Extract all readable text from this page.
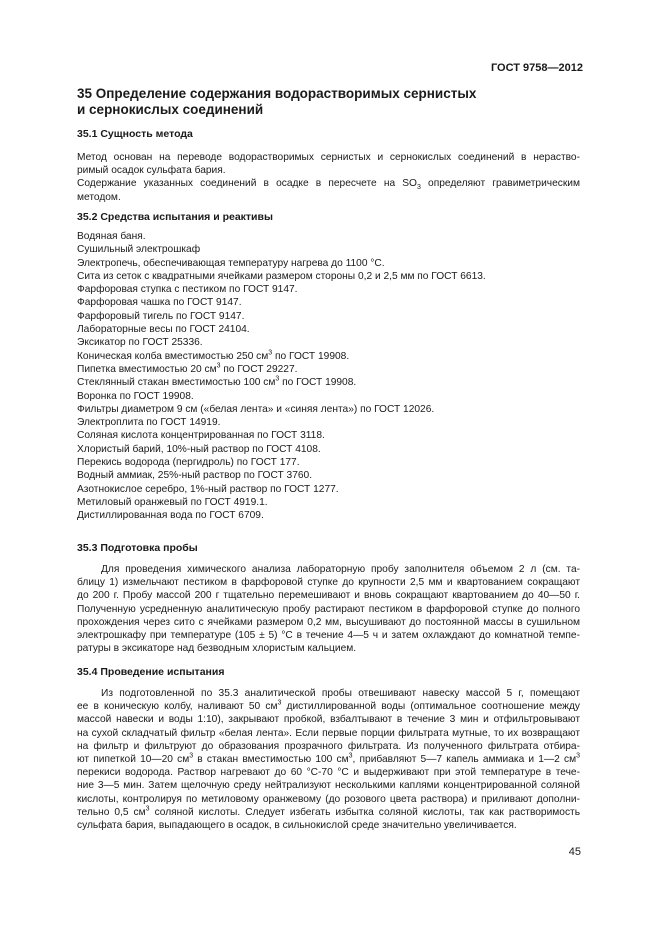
ГОСТ 9758—2012
35 Определение содержания водорастворимых сернистых
и сернокислых соединений
35.1 Сущность метода
Метод основан на переводе водорастворимых сернистых и сернокислых соединений в нераство-
римый осадок сульфата бария.
Содержание указанных соединений в осадке в пересчете на $SO_3$ определяют гравиметрическим
методом.
35.2 Средства испытания и реактивы
Водяная баня.
Сушильный электрошкаф
Электропечь, обеспечивающая температуру нагрева до 1100 °С.
Сита из сеток с квадратными ячейками размером стороны 0,2 и 2,5 мм по ГОСТ 6613.
Фарфоровая ступка с пестиком по ГОСТ 9147.
Фарфоровая чашка по ГОСТ 9147.
Фарфоровый тигель по ГОСТ 9147.
Лабораторные весы по ГОСТ 24104.
Эксикатор по ГОСТ 25336.
Коническая колба вместимостью 250 $см^3$ по ГОСТ 19908.
Пипетка вместимостью 20 $см^3$ по ГОСТ 29227.
Стеклянный стакан вместимостью 100 $см^3$ по ГОСТ 19908.
Воронка по ГОСТ 19908.
Фильтры диаметром 9 см («белая лента» и «синяя лента») по ГОСТ 12026.
Электроплита по ГОСТ 14919.
Соляная кислота концентрированная по ГОСТ 3118.
Хлористый барий, 10%-ный раствор по ГОСТ 4108.
Перекись водорода (пергидроль) по ГОСТ 177.
Водный аммиак, 25%-ный раствор по ГОСТ 3760.
Азотнокислое серебро, 1%-ный раствор по ГОСТ 1277.
Метиловый оранжевый по ГОСТ 4919.1.
Дистиллированная вода по ГОСТ 6709.
35.3 Подготовка пробы
Для проведения химического анализа лабораторную пробу заполнителя объемом 2 л (см. та-
блицу 1) измельчают пестиком в фарфоровой ступке до крупности 2,5 мм и квартованием сокращают
до 200 г. Пробу массой 200 г тщательно перемешивают и вновь сокращают квартованием до 40—50 г.
Полученную усредненную аналитическую пробу растирают пестиком в фарфоровой ступке до полного
прохождения через сито с ячейками размером 0,2 мм, высушивают до постоянной массы в сушильном
электрошкафу при температуре (105 ± 5) °С в течение 4—5 ч и затем охлаждают до комнатной темпе-
ратуры в эксикаторе над безводным хлористым кальцием.
35.4 Проведение испытания
Из подготовленной по 35.3 аналитической пробы отвешивают навеску массой 5 г, помещают
ее в коническую колбу, наливают 50 $см^3$ дистиллированной воды (оптимальное соотношение между
массой навески и воды 1:10), закрывают пробкой, взбалтывают в течение 3 мин и отфильтровывают
на сухой складчатый фильтр «белая лента». Если первые порции фильтрата мутные, то их возвращают
на фильтр и фильтруют до образования прозрачного фильтрата. Из полученного фильтрата отбира-
ют пипеткой 10—20 $см^3$ в стакан вместимостью 100 $см^3$, прибавляют 5—7 капель аммиака и 1—2 $см^3$
перекиси водорода. Раствор нагревают до 60 °С-70 °С и выдерживают при этой температуре в тече-
ние 3—5 мин. Затем щелочную среду нейтрализуют несколькими каплями концентрированной соляной
кислоты, контролируя по метиловому оранжевому (до розового цвета раствора) и приливают дополни-
тельно 0,5 $см^3$ соляной кислоты. Следует избегать избытка соляной кислоты, так как растворимость
сульфата бария, выпадающего в осадок, в сильнокислой среде значительно увеличивается.
45
